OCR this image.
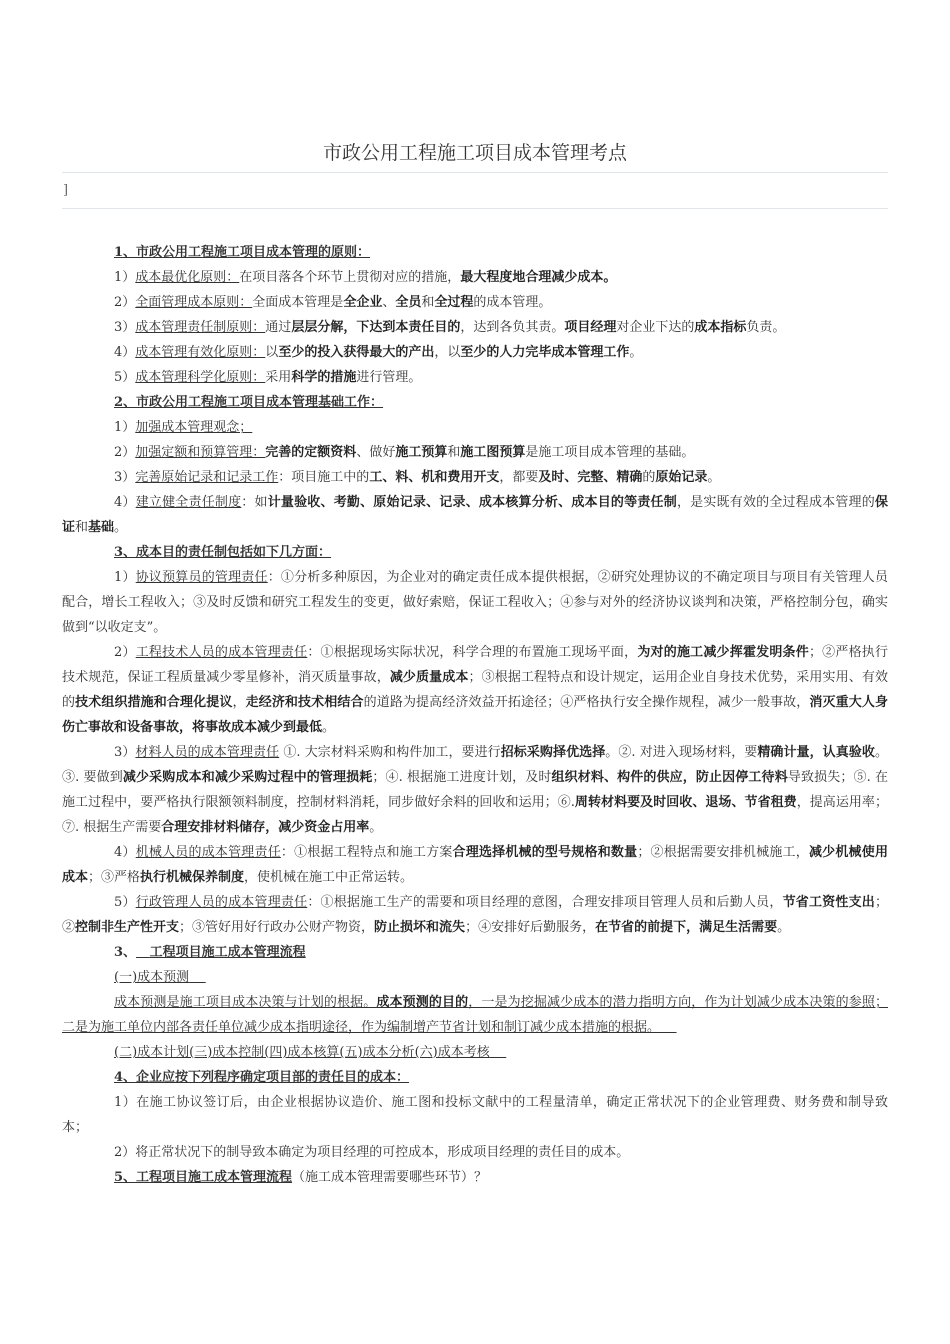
市政公用工程施工项目成本管理考点
]

1、市政公用工程施工项目成本管理的原则：

1）成本最优化原则：在项目落各个环节上贯彻对应的措施，最大程度地合理减少成本。

2）全面管理成本原则：全面成本管理是全企业、全员和全过程的成本管理。

3）成本管理责任制原则：通过层层分解，下达到本责任目的，达到各负其责。项目经理对企业下达的成本指标负责。

4）成本管理有效化原则：以至少的投入获得最大的产出，以至少的人力完毕成本管理工作。

5）成本管理科学化原则：采用科学的措施进行管理。

2、市政公用工程施工项目成本管理基础工作：

1）加强成本管理观念；

2）加强定额和预算管理：完善的定额资料、做好施工预算和施工图预算是施工项目成本管理的基础。

3）完善原始记录和记录工作：项目施工中的工、料、机和费用开支，都要及时、完整、精确的原始记录。

4）建立健全责任制度：如计量验收、考勤、原始记录、记录、成本核算分析、成本目的等责任制，是实既有效的全过程成本管理的保证和基础。

3、成本目的责任制包括如下几方面：

1）协议预算员的管理责任：①分析多种原因，为企业对的确定责任成本提供根据，②研究处理协议的不确定项目与项目有关管理人员配合，增长工程收入；③及时反馈和研究工程发生的变更，做好索赔，保证工程收入；④参与对外的经济协议谈判和决策，严格控制分包，确实做到“以收定支”。

2）工程技术人员的成本管理责任：①根据现场实际状况，科学合理的布置施工现场平面，为对的施工减少挥霍发明条件；②严格执行技术规范，保证工程质量减少零星修补，消灭质量事故，减少质量成本；③根据工程特点和设计规定，运用企业自身技术优势，采用实用、有效的技术组织措施和合理化提议，走经济和技术相结合的道路为提高经济效益开拓途径；④严格执行安全操作规程，减少一般事故，消灭重大人身伤亡事故和设备事故，将事故成本减少到最低。

3）材料人员的成本管理责任 ①. 大宗材料采购和构件加工，要进行招标采购择优选择。②. 对进入现场材料，要精确计量，认真验收。③. 要做到减少采购成本和减少采购过程中的管理损耗；④. 根据施工进度计划，及时组织材料、构件的供应，防止因停工待料导致损失；⑤. 在施工过程中，要严格执行限额领料制度，控制材料消耗，同步做好余料的回收和运用；⑥.周转材料要及时回收、退场、节省租费，提高运用率；⑦. 根据生产需要合理安排材料储存，减少资金占用率。

4）机械人员的成本管理责任：①根据工程特点和施工方案合理选择机械的型号规格和数量；②根据需要安排机械施工，减少机械使用成本；③严格执行机械保养制度，使机械在施工中正常运转。

5）行政管理人员的成本管理责任：①根据施工生产的需要和项目经理的意图，合理安排项目管理人员和后勤人员，节省工资性支出；②控制非生产性开支；③管好用好行政办公财产物资，防止损坏和流失；④安排好后勤服务，在节省的前提下，满足生活需要。

3、 工程项目施工成本管理流程

(一)成本预测

成本预测是施工项目成本决策与计划的根据。成本预测的目的，一是为挖掘减少成本的潜力指明方向，作为计划减少成本决策的参照；二是为施工单位内部各责任单位减少成本指明途径，作为编制增产节省计划和制订减少成本措施的根据。

(二)成本计划(三)成本控制(四)成本核算(五)成本分析(六)成本考核

4、企业应按下列程序确定项目部的责任目的成本：

1）在施工协议签订后，由企业根据协议造价、施工图和投标文献中的工程量清单，确定正常状况下的企业管理费、财务费和制导致本；

2）将正常状况下的制导致本确定为项目经理的可控成本，形成项目经理的责任目的成本。

5、工程项目施工成本管理流程（施工成本管理需要哪些环节）？
